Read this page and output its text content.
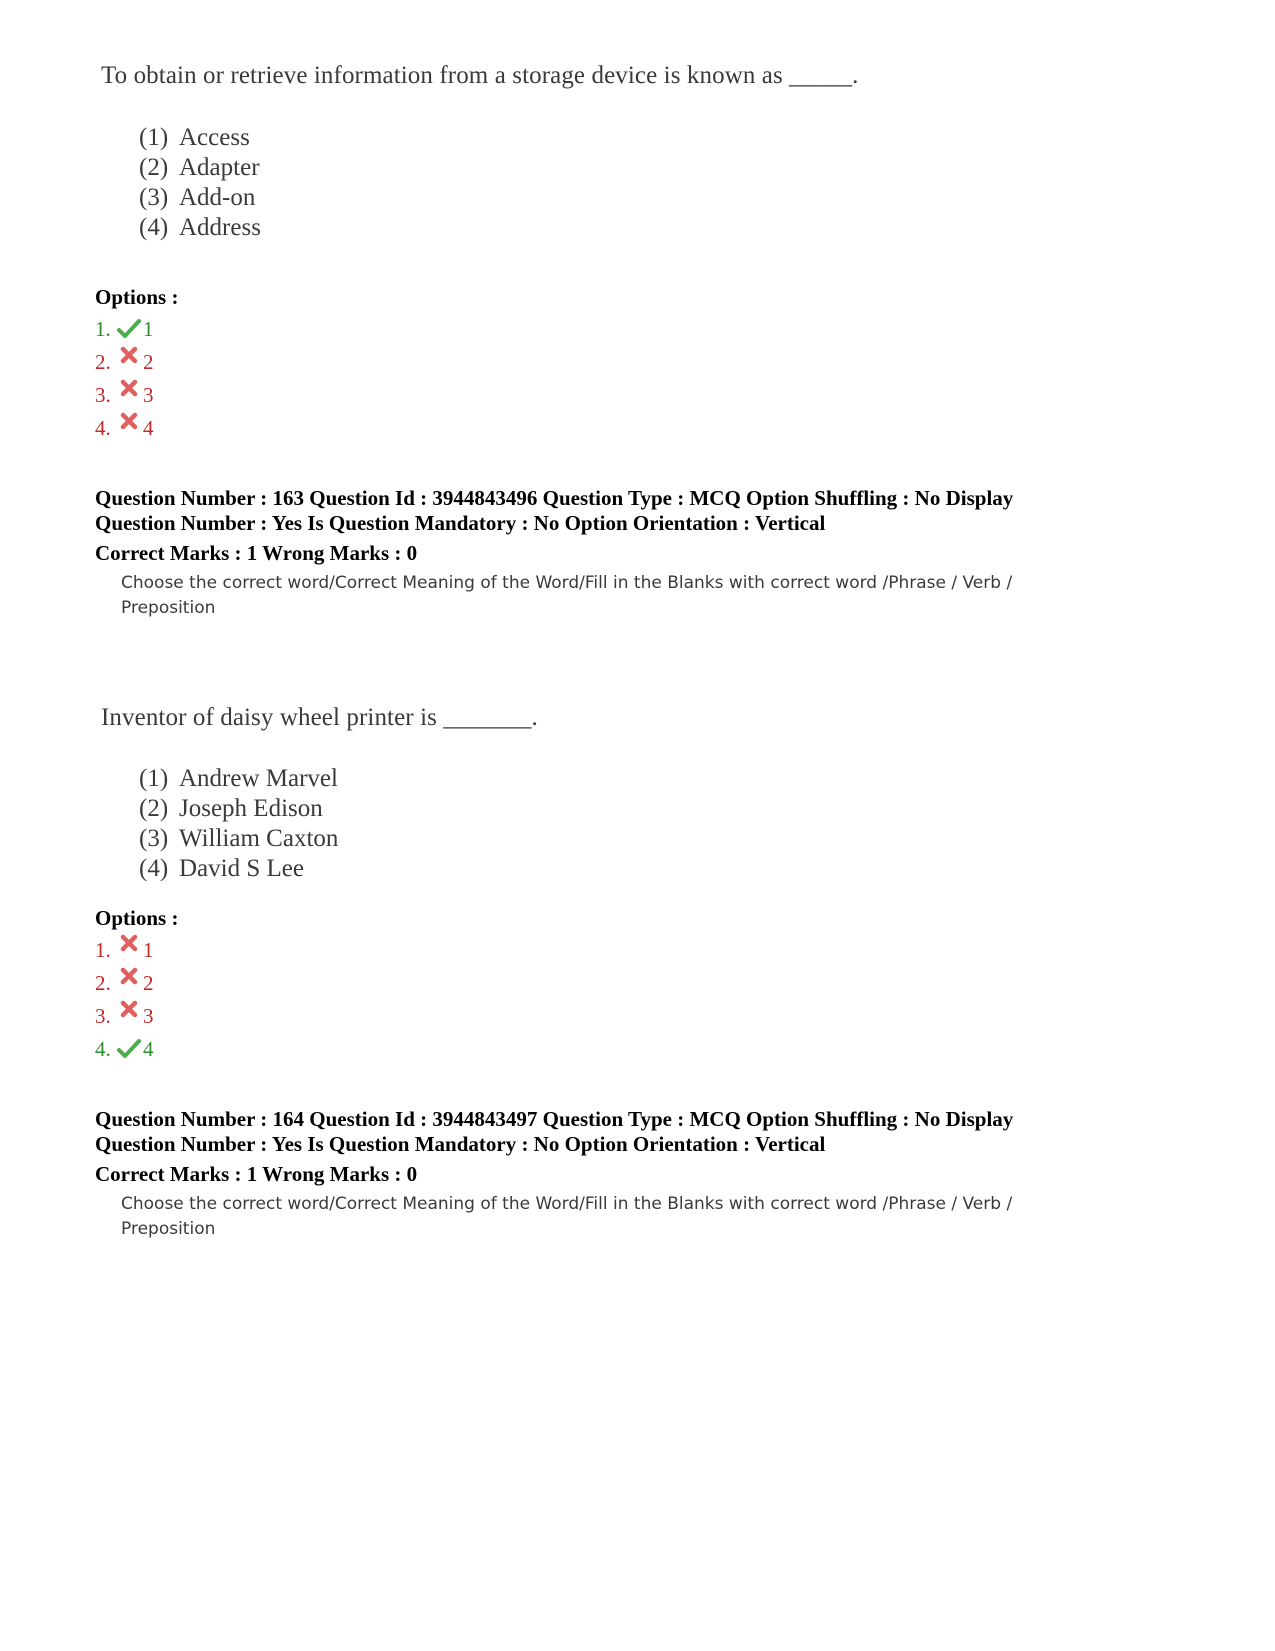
To obtain or retrieve information from a storage device is known as _____.
(1) Access
(2) Adapter
(3) Add-on
(4) Address
Options :
1. 1
2. 2
3. 3
4. 4
Question Number : 163 Question Id : 3944843496 Question Type : MCQ Option Shuffling : No Display
Question Number : Yes Is Question Mandatory : No Option Orientation : Vertical
Correct Marks : 1 Wrong Marks : 0
Choose the correct word/Correct Meaning of the Word/Fill in the Blanks with correct word /Phrase / Verb / Preposition
Inventor of daisy wheel printer is _______.
(1) Andrew Marvel
(2) Joseph Edison
(3) William Caxton
(4) David S Lee
Options :
1. 1
2. 2
3. 3
4. 4
Question Number : 164 Question Id : 3944843497 Question Type : MCQ Option Shuffling : No Display
Question Number : Yes Is Question Mandatory : No Option Orientation : Vertical
Correct Marks : 1 Wrong Marks : 0
Choose the correct word/Correct Meaning of the Word/Fill in the Blanks with correct word /Phrase / Verb / Preposition
